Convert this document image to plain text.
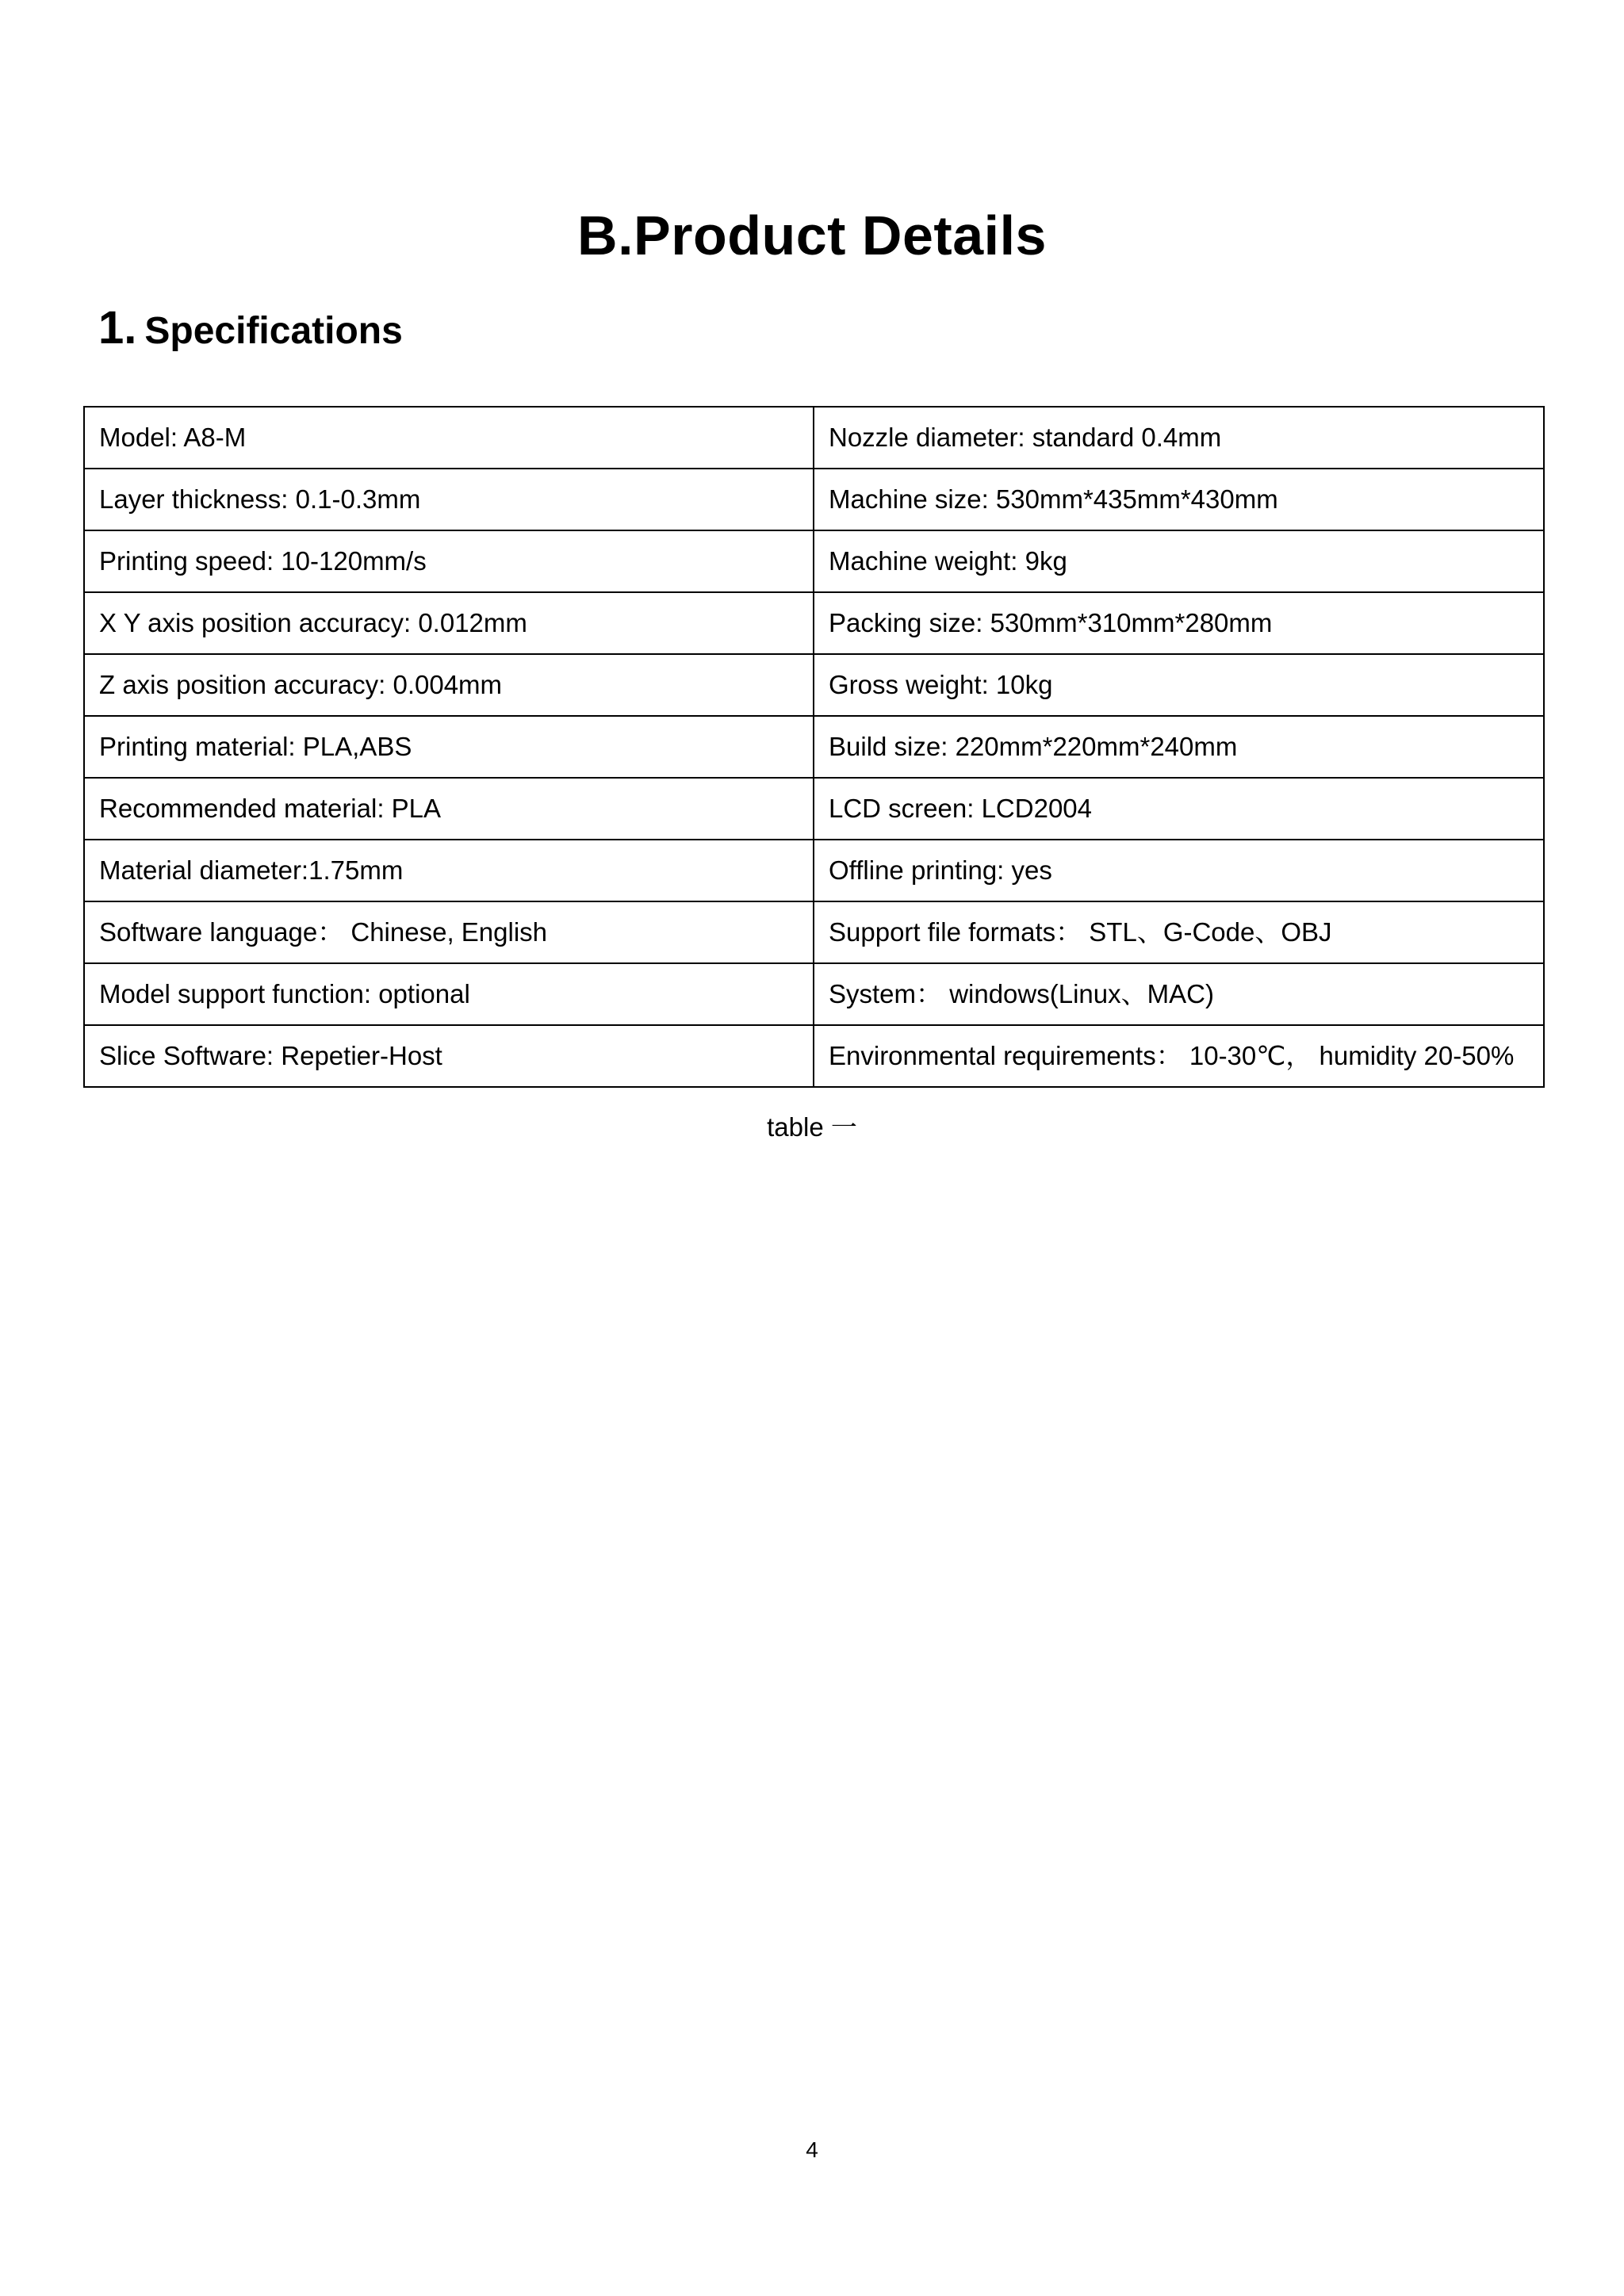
B.Product Details
1. Specifications
Model: A8-M	Nozzle diameter: standard 0.4mm
Layer thickness: 0.1-0.3mm	Machine size: 530mm*435mm*430mm
Printing speed: 10-120mm/s	Machine weight: 9kg
X Y axis position accuracy: 0.012mm	Packing size: 530mm*310mm*280mm
Z axis position accuracy: 0.004mm	Gross weight: 10kg
Printing material: PLA,ABS	Build size: 220mm*220mm*240mm
Recommended material: PLA	LCD screen: LCD2004
Material diameter:1.75mm	Offline printing: yes
Software language： Chinese, English	Support file formats： STL、G-Code、OBJ
Model support function: optional	System： windows(Linux、MAC)
Slice Software: Repetier-Host	Environmental requirements： 10-30℃， humidity 20-50%
table 一
4
